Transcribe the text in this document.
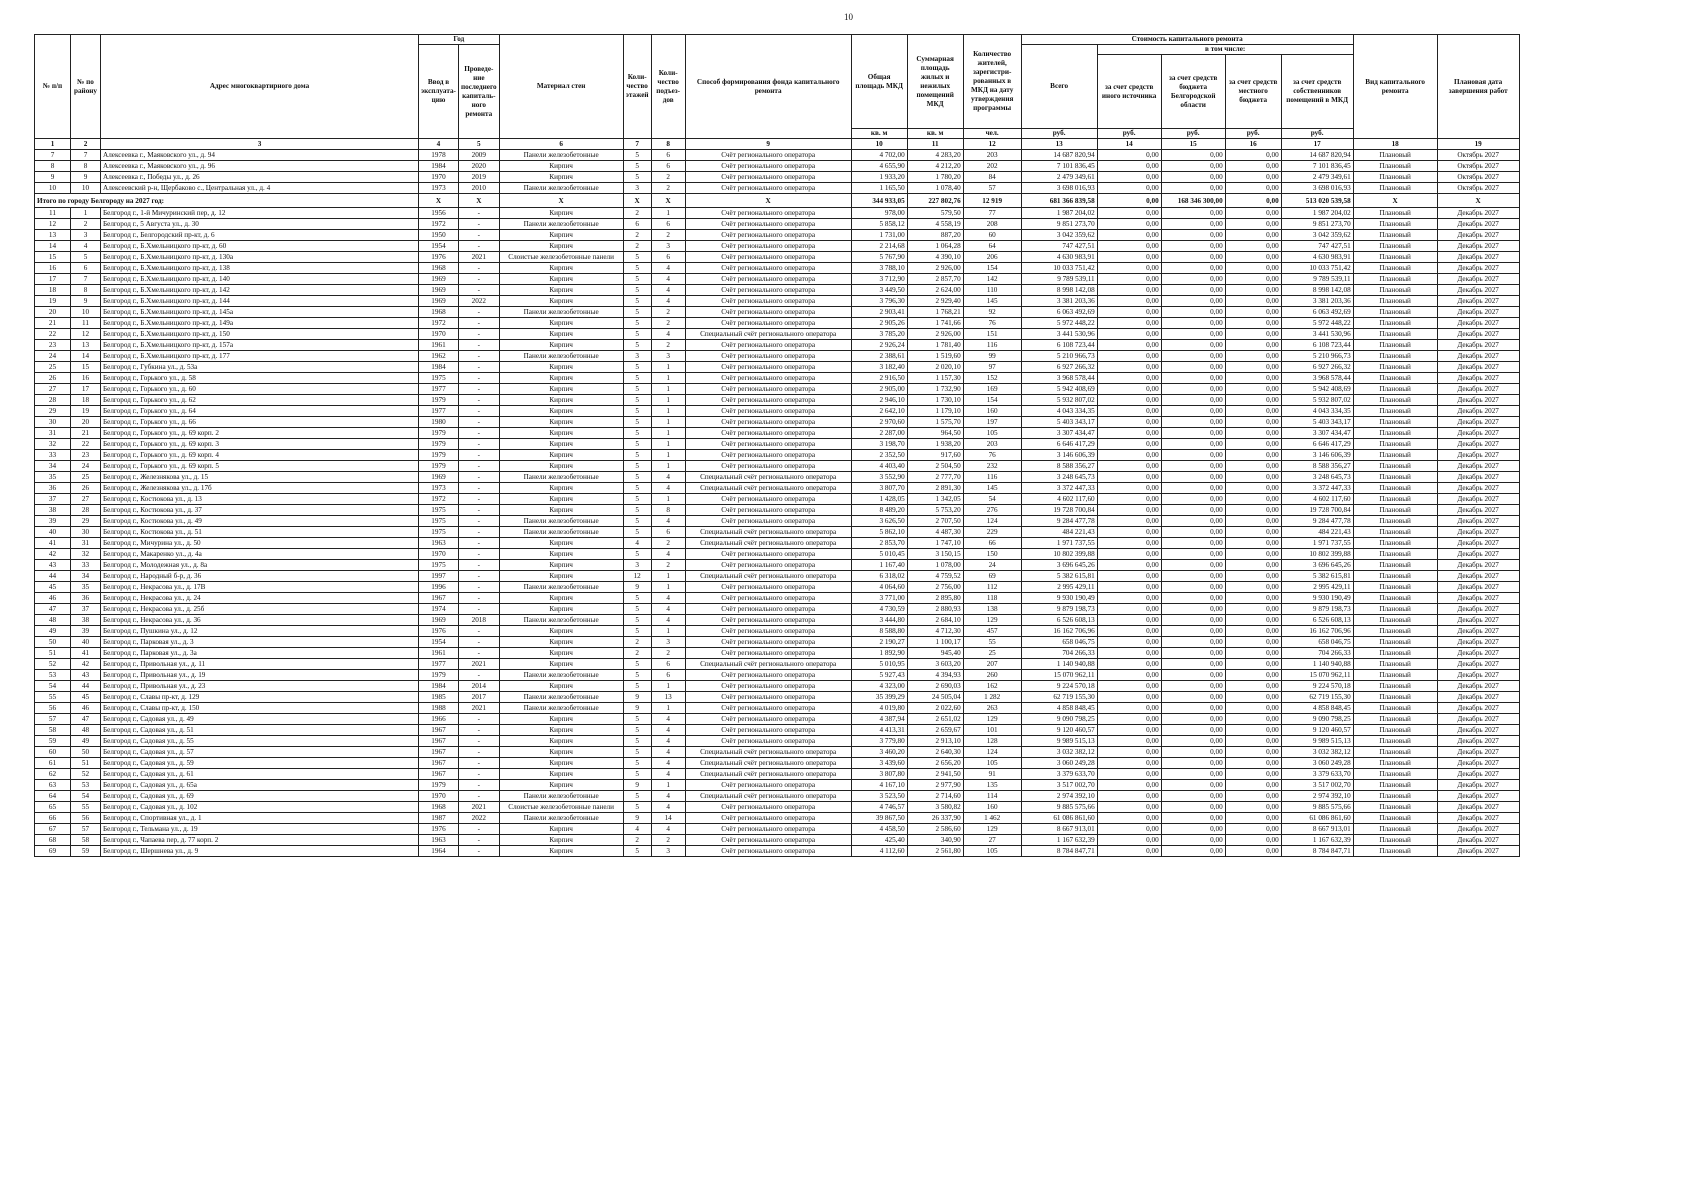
10
№ п/п	№ по району	Адрес многоквартирного дома	Год		Материал стен	Коли-чество этажей	Коли-чество подъез-дов	Способ формирования фонда капитального ремонта	Общая площадь МКД	Суммарная площадь жилых и нежилых помещений МКД	Количество жителей, зарегистри-рованных в МКД на дату утверждения программы	Стоимость капитального ремонта					Вид капитального ремонта	Плановая дата завершения работ
			Ввод в эксплуата-цию	Проведе-ние последнего капиталь-ного ремонта								Всего	в том числе:					
													за счет средств иного источника	за счет средств бюджета Белгородской области	за счет средств местного бюджета	за счет средств собственников помещений в МКД		
									кв. м	кв. м	чел.	руб.	руб.	руб.	руб.	руб.		
1	2	3	4	5	6	7	8	9	10	11	12	13	14	15	16	17	18	19
7	7	Алексеевка г., Маяковского ул., д. 94	1978	2009	Панели железобетонные	5	6	Счёт регионального оператора	4 702,00	4 283,20	203	14 687 820,94	0,00	0,00	0,00	14 687 820,94	Плановый	Октябрь 2027
8	8	Алексеевка г., Маяковского ул., д. 96	1984	2020	Кирпич	5	6	Счёт регионального оператора	4 655,90	4 212,20	202	7 101 836,45	0,00	0,00	0,00	7 101 836,45	Плановый	Октябрь 2027
9	9	Алексеевка г., Победы ул., д. 26	1970	2019	Кирпич	5	2	Счёт регионального оператора	1 933,20	1 780,20	84	2 479 349,61	0,00	0,00	0,00	2 479 349,61	Плановый	Октябрь 2027
10	10	Алексеевский р-н, Щербаково с., Центральная ул., д. 4	1973	2010	Панели железобетонные	3	2	Счёт регионального оператора	1 165,50	1 078,40	57	3 698 016,93	0,00	0,00	0,00	3 698 016,93	Плановый	Октябрь 2027
Итого по городу Белгороду на 2027 год:			X	X	X	X	X	X	344 933,05	227 802,76	12 919	681 366 839,58	0,00	168 346 300,00	0,00	513 020 539,58	X	X
11	1	Белгород г., 1-й Мичуринский пер, д. 12	1956	-	Кирпич	2	1	Счёт регионального оператора	978,00	579,50	77	1 987 204,02	0,00	0,00	0,00	1 987 204,02	Плановый	Декабрь 2027
12	2	Белгород г., 5 Августа ул., д. 30	1972	-	Панели железобетонные	6	6	Счёт регионального оператора	5 858,12	4 558,19	208	9 851 273,70	0,00	0,00	0,00	9 851 273,70	Плановый	Декабрь 2027
13	3	Белгород г., Белгородский пр-кт, д. 6	1950	-	Кирпич	2	2	Счёт регионального оператора	1 731,00	887,20	60	3 042 359,62	0,00	0,00	0,00	3 042 359,62	Плановый	Декабрь 2027
14	4	Белгород г., Б.Хмельницкого пр-кт, д. 60	1954	-	Кирпич	2	3	Счёт регионального оператора	2 214,68	1 064,28	64	747 427,51	0,00	0,00	0,00	747 427,51	Плановый	Декабрь 2027
15	5	Белгород г., Б.Хмельницкого пр-кт, д. 130а	1976	2021	Слоистые железобетонные панели	5	6	Счёт регионального оператора	5 767,90	4 390,10	206	4 630 983,91	0,00	0,00	0,00	4 630 983,91	Плановый	Декабрь 2027
16	6	Белгород г., Б.Хмельницкого пр-кт, д. 138	1968	-	Кирпич	5	4	Счёт регионального оператора	3 788,10	2 926,00	154	10 033 751,42	0,00	0,00	0,00	10 033 751,42	Плановый	Декабрь 2027
17	7	Белгород г., Б.Хмельницкого пр-кт, д. 140	1969	-	Кирпич	5	4	Счёт регионального оператора	3 712,90	2 857,70	142	9 789 539,11	0,00	0,00	0,00	9 789 539,11	Плановый	Декабрь 2027
18	8	Белгород г., Б.Хмельницкого пр-кт, д. 142	1969	-	Кирпич	5	4	Счёт регионального оператора	3 449,50	2 624,00	110	8 998 142,08	0,00	0,00	0,00	8 998 142,08	Плановый	Декабрь 2027
19	9	Белгород г., Б.Хмельницкого пр-кт, д. 144	1969	2022	Кирпич	5	4	Счёт регионального оператора	3 796,30	2 929,40	145	3 381 203,36	0,00	0,00	0,00	3 381 203,36	Плановый	Декабрь 2027
20	10	Белгород г., Б.Хмельницкого пр-кт, д. 145а	1968	-	Панели железобетонные	5	2	Счёт регионального оператора	2 903,41	1 768,21	92	6 063 492,69	0,00	0,00	0,00	6 063 492,69	Плановый	Декабрь 2027
21	11	Белгород г., Б.Хмельницкого пр-кт, д. 149а	1972	-	Кирпич	5	2	Счёт регионального оператора	2 905,26	1 741,66	76	5 972 448,22	0,00	0,00	0,00	5 972 448,22	Плановый	Декабрь 2027
22	12	Белгород г., Б.Хмельницкого пр-кт, д. 150	1970	-	Кирпич	5	4	Специальный счёт регионального оператора	3 785,20	2 926,00	151	3 441 530,96	0,00	0,00	0,00	3 441 530,96	Плановый	Декабрь 2027
23	13	Белгород г., Б.Хмельницкого пр-кт, д. 157а	1961	-	Кирпич	5	2	Счёт регионального оператора	2 926,24	1 781,40	116	6 108 723,44	0,00	0,00	0,00	6 108 723,44	Плановый	Декабрь 2027
24	14	Белгород г., Б.Хмельницкого пр-кт, д. 177	1962	-	Панели железобетонные	3	3	Счёт регионального оператора	2 388,61	1 519,60	99	5 210 966,73	0,00	0,00	0,00	5 210 966,73	Плановый	Декабрь 2027
25	15	Белгород г., Губкина ул., д. 53а	1984	-	Кирпич	5	1	Счёт регионального оператора	3 182,40	2 020,10	97	6 927 266,32	0,00	0,00	0,00	6 927 266,32	Плановый	Декабрь 2027
26	16	Белгород г., Горького ул., д. 58	1975	-	Кирпич	5	1	Счёт регионального оператора	2 916,50	1 157,30	152	3 968 578,44	0,00	0,00	0,00	3 968 578,44	Плановый	Декабрь 2027
27	17	Белгород г., Горького ул., д. 60	1977	-	Кирпич	5	1	Счёт регионального оператора	2 905,00	1 732,90	169	5 942 408,69	0,00	0,00	0,00	5 942 408,69	Плановый	Декабрь 2027
28	18	Белгород г., Горького ул., д. 62	1979	-	Кирпич	5	1	Счёт регионального оператора	2 946,10	1 730,10	154	5 932 807,02	0,00	0,00	0,00	5 932 807,02	Плановый	Декабрь 2027
29	19	Белгород г., Горького ул., д. 64	1977	-	Кирпич	5	1	Счёт регионального оператора	2 642,10	1 179,10	160	4 043 334,35	0,00	0,00	0,00	4 043 334,35	Плановый	Декабрь 2027
30	20	Белгород г., Горького ул., д. 66	1980	-	Кирпич	5	1	Счёт регионального оператора	2 970,60	1 575,70	197	5 403 343,17	0,00	0,00	0,00	5 403 343,17	Плановый	Декабрь 2027
31	21	Белгород г., Горького ул., д. 69 корп. 2	1979	-	Кирпич	5	1	Счёт регионального оператора	2 287,00	964,50	105	3 307 434,47	0,00	0,00	0,00	3 307 434,47	Плановый	Декабрь 2027
32	22	Белгород г., Горького ул., д. 69 корп. 3	1979	-	Кирпич	5	1	Счёт регионального оператора	3 198,70	1 938,20	203	6 646 417,29	0,00	0,00	0,00	6 646 417,29	Плановый	Декабрь 2027
33	23	Белгород г., Горького ул., д. 69 корп. 4	1979	-	Кирпич	5	1	Счёт регионального оператора	2 352,50	917,60	76	3 146 606,39	0,00	0,00	0,00	3 146 606,39	Плановый	Декабрь 2027
34	24	Белгород г., Горького ул., д. 69 корп. 5	1979	-	Кирпич	5	1	Счёт регионального оператора	4 403,40	2 504,50	232	8 588 356,27	0,00	0,00	0,00	8 588 356,27	Плановый	Декабрь 2027
35	25	Белгород г., Железнякова ул., д. 15	1969	-	Панели железобетонные	5	4	Специальный счёт регионального оператора	3 552,90	2 777,70	116	3 248 645,73	0,00	0,00	0,00	3 248 645,73	Плановый	Декабрь 2027
36	26	Белгород г., Железнякова ул., д. 17б	1973	-	Кирпич	5	4	Специальный счёт регионального оператора	3 807,70	2 891,30	145	3 372 447,33	0,00	0,00	0,00	3 372 447,33	Плановый	Декабрь 2027
37	27	Белгород г., Костюкова ул., д. 13	1972	-	Кирпич	5	1	Счёт регионального оператора	1 428,05	1 342,05	54	4 602 117,60	0,00	0,00	0,00	4 602 117,60	Плановый	Декабрь 2027
38	28	Белгород г., Костюкова ул., д. 37	1975	-	Кирпич	5	8	Счёт регионального оператора	8 489,20	5 753,20	276	19 728 700,84	0,00	0,00	0,00	19 728 700,84	Плановый	Декабрь 2027
39	29	Белгород г., Костюкова ул., д. 49	1975	-	Панели железобетонные	5	4	Счёт регионального оператора	3 626,50	2 707,50	124	9 284 477,78	0,00	0,00	0,00	9 284 477,78	Плановый	Декабрь 2027
40	30	Белгород г., Костюкова ул., д. 51	1975	-	Панели железобетонные	5	6	Специальный счёт регионального оператора	5 862,10	4 487,30	229	484 221,43	0,00	0,00	0,00	484 221,43	Плановый	Декабрь 2027
41	31	Белгород г., Мичурина ул., д. 50	1963	-	Кирпич	4	2	Специальный счёт регионального оператора	2 853,70	1 747,10	66	1 971 737,55	0,00	0,00	0,00	1 971 737,55	Плановый	Декабрь 2027
42	32	Белгород г., Макаренко ул., д. 4а	1970	-	Кирпич	5	4	Счёт регионального оператора	5 010,45	3 150,15	150	10 802 399,88	0,00	0,00	0,00	10 802 399,88	Плановый	Декабрь 2027
43	33	Белгород г., Молодежная ул., д. 8а	1975	-	Кирпич	3	2	Счёт регионального оператора	1 167,40	1 078,00	24	3 696 645,26	0,00	0,00	0,00	3 696 645,26	Плановый	Декабрь 2027
44	34	Белгород г., Народный б-р, д. 36	1997	-	Кирпич	12	1	Специальный счёт регионального оператора	6 318,02	4 759,52	69	5 382 615,81	0,00	0,00	0,00	5 382 615,81	Плановый	Декабрь 2027
45	35	Белгород г., Некрасова ул., д. 17В	1996	-	Панели железобетонные	9	1	Счёт регионального оператора	4 064,60	2 756,00	112	2 995 429,11	0,00	0,00	0,00	2 995 429,11	Плановый	Декабрь 2027
46	36	Белгород г., Некрасова ул., д. 24	1967	-	Кирпич	5	4	Счёт регионального оператора	3 771,00	2 895,80	118	9 930 190,49	0,00	0,00	0,00	9 930 190,49	Плановый	Декабрь 2027
47	37	Белгород г., Некрасова ул., д. 25б	1974	-	Кирпич	5	4	Счёт регионального оператора	4 730,59	2 880,93	138	9 879 198,73	0,00	0,00	0,00	9 879 198,73	Плановый	Декабрь 2027
48	38	Белгород г., Некрасова ул., д. 36	1969	2018	Панели железобетонные	5	4	Счёт регионального оператора	3 444,80	2 684,10	129	6 526 608,13	0,00	0,00	0,00	6 526 608,13	Плановый	Декабрь 2027
49	39	Белгород г., Пушкина ул., д. 12	1976	-	Кирпич	5	1	Счёт регионального оператора	8 588,80	4 712,30	457	16 162 706,96	0,00	0,00	0,00	16 162 706,96	Плановый	Декабрь 2027
50	40	Белгород г., Парковая ул., д. 3	1954	-	Кирпич	2	3	Счёт регионального оператора	2 190,27	1 100,17	55	658 046,75	0,00	0,00	0,00	658 046,75	Плановый	Декабрь 2027
51	41	Белгород г., Парковая ул., д. 3а	1961	-	Кирпич	2	2	Счёт регионального оператора	1 892,90	945,40	25	704 266,33	0,00	0,00	0,00	704 266,33	Плановый	Декабрь 2027
52	42	Белгород г., Привольная ул., д. 11	1977	2021	Кирпич	5	6	Специальный счёт регионального оператора	5 010,95	3 603,20	207	1 140 940,88	0,00	0,00	0,00	1 140 940,88	Плановый	Декабрь 2027
53	43	Белгород г., Привольная ул., д. 19	1979	-	Панели железобетонные	5	6	Счёт регионального оператора	5 927,43	4 394,93	260	15 070 962,11	0,00	0,00	0,00	15 070 962,11	Плановый	Декабрь 2027
54	44	Белгород г., Привольная ул., д. 23	1984	2014	Кирпич	5	1	Счёт регионального оператора	4 323,00	2 690,03	162	9 224 570,18	0,00	0,00	0,00	9 224 570,18	Плановый	Декабрь 2027
55	45	Белгород г., Славы пр-кт, д. 129	1985	2017	Панели железобетонные	9	13	Счёт регионального оператора	35 399,29	24 505,04	1 282	62 719 155,30	0,00	0,00	0,00	62 719 155,30	Плановый	Декабрь 2027
56	46	Белгород г., Славы пр-кт, д. 150	1988	2021	Панели железобетонные	9	1	Счёт регионального оператора	4 019,80	2 022,60	263	4 858 848,45	0,00	0,00	0,00	4 858 848,45	Плановый	Декабрь 2027
57	47	Белгород г., Садовая ул., д. 49	1966	-	Кирпич	5	4	Счёт регионального оператора	4 387,94	2 651,02	129	9 090 798,25	0,00	0,00	0,00	9 090 798,25	Плановый	Декабрь 2027
58	48	Белгород г., Садовая ул., д. 51	1967	-	Кирпич	5	4	Счёт регионального оператора	4 413,31	2 659,67	101	9 120 460,57	0,00	0,00	0,00	9 120 460,57	Плановый	Декабрь 2027
59	49	Белгород г., Садовая ул., д. 55	1967	-	Кирпич	5	4	Счёт регионального оператора	3 779,80	2 913,10	128	9 989 515,13	0,00	0,00	0,00	9 989 515,13	Плановый	Декабрь 2027
60	50	Белгород г., Садовая ул., д. 57	1967	-	Кирпич	5	4	Специальный счёт регионального оператора	3 460,20	2 640,30	124	3 032 382,12	0,00	0,00	0,00	3 032 382,12	Плановый	Декабрь 2027
61	51	Белгород г., Садовая ул., д. 59	1967	-	Кирпич	5	4	Специальный счёт регионального оператора	3 439,60	2 656,20	105	3 060 249,28	0,00	0,00	0,00	3 060 249,28	Плановый	Декабрь 2027
62	52	Белгород г., Садовая ул., д. 61	1967	-	Кирпич	5	4	Специальный счёт регионального оператора	3 807,80	2 941,50	91	3 379 633,70	0,00	0,00	0,00	3 379 633,70	Плановый	Декабрь 2027
63	53	Белгород г., Садовая ул., д. 65а	1979	-	Кирпич	9	1	Счёт регионального оператора	4 167,10	2 977,90	135	3 517 002,70	0,00	0,00	0,00	3 517 002,70	Плановый	Декабрь 2027
64	54	Белгород г., Садовая ул., д. 69	1970	-	Панели железобетонные	5	4	Специальный счёт регионального оператора	3 523,50	2 714,60	114	2 974 392,10	0,00	0,00	0,00	2 974 392,10	Плановый	Декабрь 2027
65	55	Белгород г., Садовая ул., д. 102	1968	2021	Слоистые железобетонные панели	5	4	Счёт регионального оператора	4 746,57	3 580,82	160	9 885 575,66	0,00	0,00	0,00	9 885 575,66	Плановый	Декабрь 2027
66	56	Белгород г., Спортивная ул., д. 1	1987	2022	Панели железобетонные	9	14	Счёт регионального оператора	39 867,50	26 337,90	1 462	61 086 861,60	0,00	0,00	0,00	61 086 861,60	Плановый	Декабрь 2027
67	57	Белгород г., Тельмана ул., д. 19	1976	-	Кирпич	4	4	Счёт регионального оператора	4 458,50	2 586,60	129	8 667 913,01	0,00	0,00	0,00	8 667 913,01	Плановый	Декабрь 2027
68	58	Белгород г., Чапаева пер, д. 77 корп. 2	1963	-	Кирпич	2	2	Счёт регионального оператора	425,40	340,90	27	1 167 632,39	0,00	0,00	0,00	1 167 632,39	Плановый	Декабрь 2027
69	59	Белгород г., Шершнева ул., д. 9	1964	-	Кирпич	5	3	Счёт регионального оператора	4 112,60	2 561,80	105	8 784 847,71	0,00	0,00	0,00	8 784 847,71	Плановый	Декабрь 2027
